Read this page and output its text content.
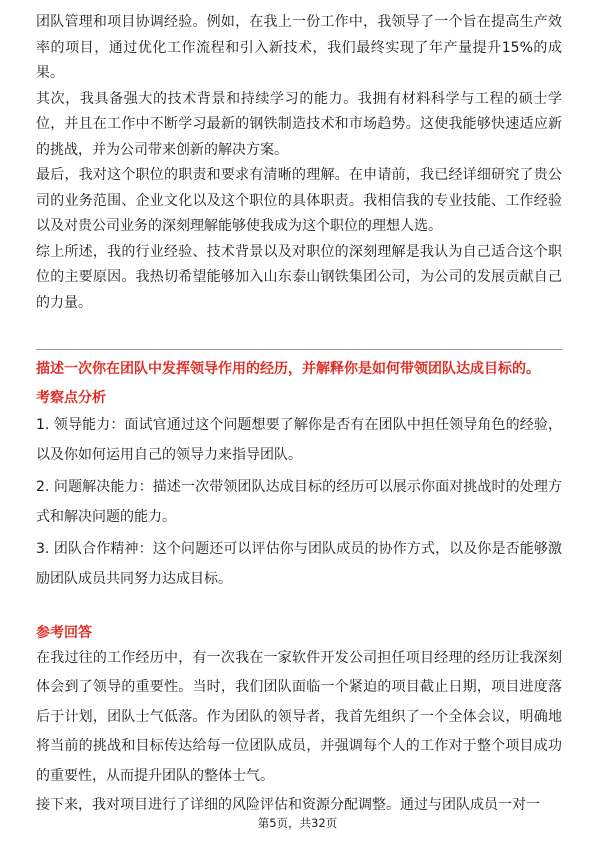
团队管理和项目协调经验。例如，在我上一份工作中，我领导了一个旨在提高生产效率的项目，通过优化工作流程和引入新技术，我们最终实现了年产量提升15%的成果。

其次，我具备强大的技术背景和持续学习的能力。我拥有材料科学与工程的硕士学位，并且在工作中不断学习最新的钢铁制造技术和市场趋势。这使我能够快速适应新的挑战，并为公司带来创新的解决方案。

最后，我对这个职位的职责和要求有清晰的理解。在申请前，我已经详细研究了贵公司的业务范围、企业文化以及这个职位的具体职责。我相信我的专业技能、工作经验以及对贵公司业务的深刻理解能够使我成为这个职位的理想人选。

综上所述，我的行业经验、技术背景以及对职位的深刻理解是我认为自己适合这个职位的主要原因。我热切希望能够加入山东泰山钢铁集团公司，为公司的发展贡献自己的力量。

描述一次你在团队中发挥领导作用的经历，并解释你是如何带领团队达成目标的。

考察点分析

1. 领导能力：面试官通过这个问题想要了解你是否有在团队中担任领导角色的经验，以及你如何运用自己的领导力来指导团队。

2. 问题解决能力：描述一次带领团队达成目标的经历可以展示你面对挑战时的处理方式和解决问题的能力。

3. 团队合作精神：这个问题还可以评估你与团队成员的协作方式，以及你是否能够激励团队成员共同努力达成目标。

参考回答

在我过往的工作经历中，有一次我在一家软件开发公司担任项目经理的经历让我深刻体会到了领导的重要性。当时，我们团队面临一个紧迫的项目截止日期，项目进度落后于计划，团队士气低落。作为团队的领导者，我首先组织了一个全体会议，明确地将当前的挑战和目标传达给每一位团队成员，并强调每个人的工作对于整个项目成功的重要性，从而提升团队的整体士气。

接下来，我对项目进行了详细的风险评估和资源分配调整。通过与团队成员一对一

第5页，共32页
